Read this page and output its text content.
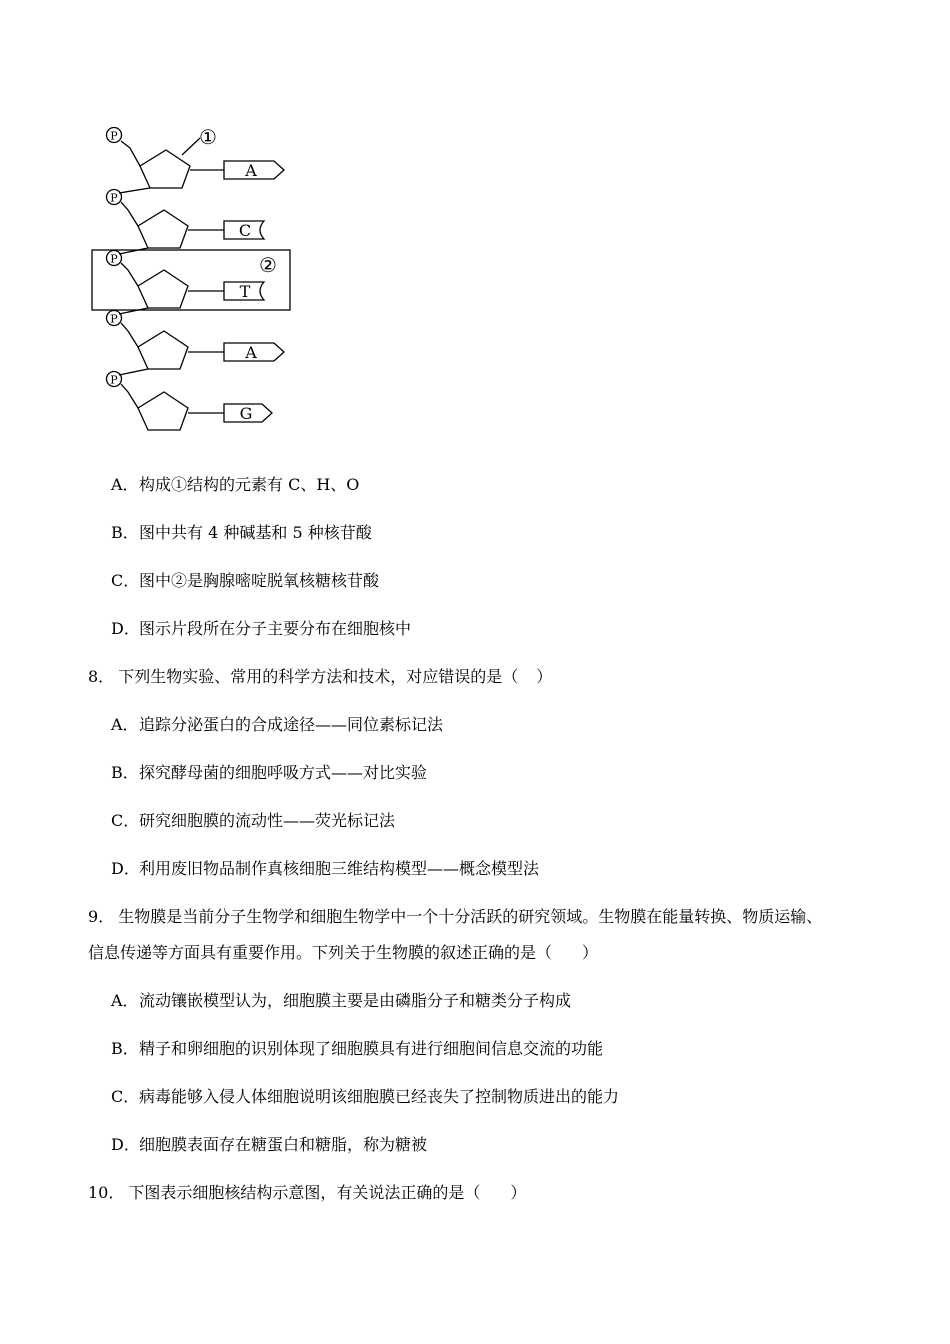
P
P
P
P
P
A
C
T
A
G
①
②
A．构成①结构的元素有 C、H、O
B．图中共有 4 种碱基和 5 种核苷酸
C．图中②是胸腺嘧啶脱氧核糖核苷酸
D．图示片段所在分子主要分布在细胞核中
8． 下列生物实验、常用的科学方法和技术，对应错误的是（ ）
A．追踪分泌蛋白的合成途径——同位素标记法
B．探究酵母菌的细胞呼吸方式——对比实验
C．研究细胞膜的流动性——荧光标记法
D．利用废旧物品制作真核细胞三维结构模型——概念模型法
9． 生物膜是当前分子生物学和细胞生物学中一个十分活跃的研究领域。生物膜在能量转换、物质运输、
信息传递等方面具有重要作用。下列关于生物膜的叙述正确的是（ ）
A．流动镶嵌模型认为，细胞膜主要是由磷脂分子和糖类分子构成
B．精子和卵细胞的识别体现了细胞膜具有进行细胞间信息交流的功能
C．病毒能够入侵人体细胞说明该细胞膜已经丧失了控制物质进出的能力
D．细胞膜表面存在糖蛋白和糖脂，称为糖被
10． 下图表示细胞核结构示意图，有关说法正确的是（ ）
